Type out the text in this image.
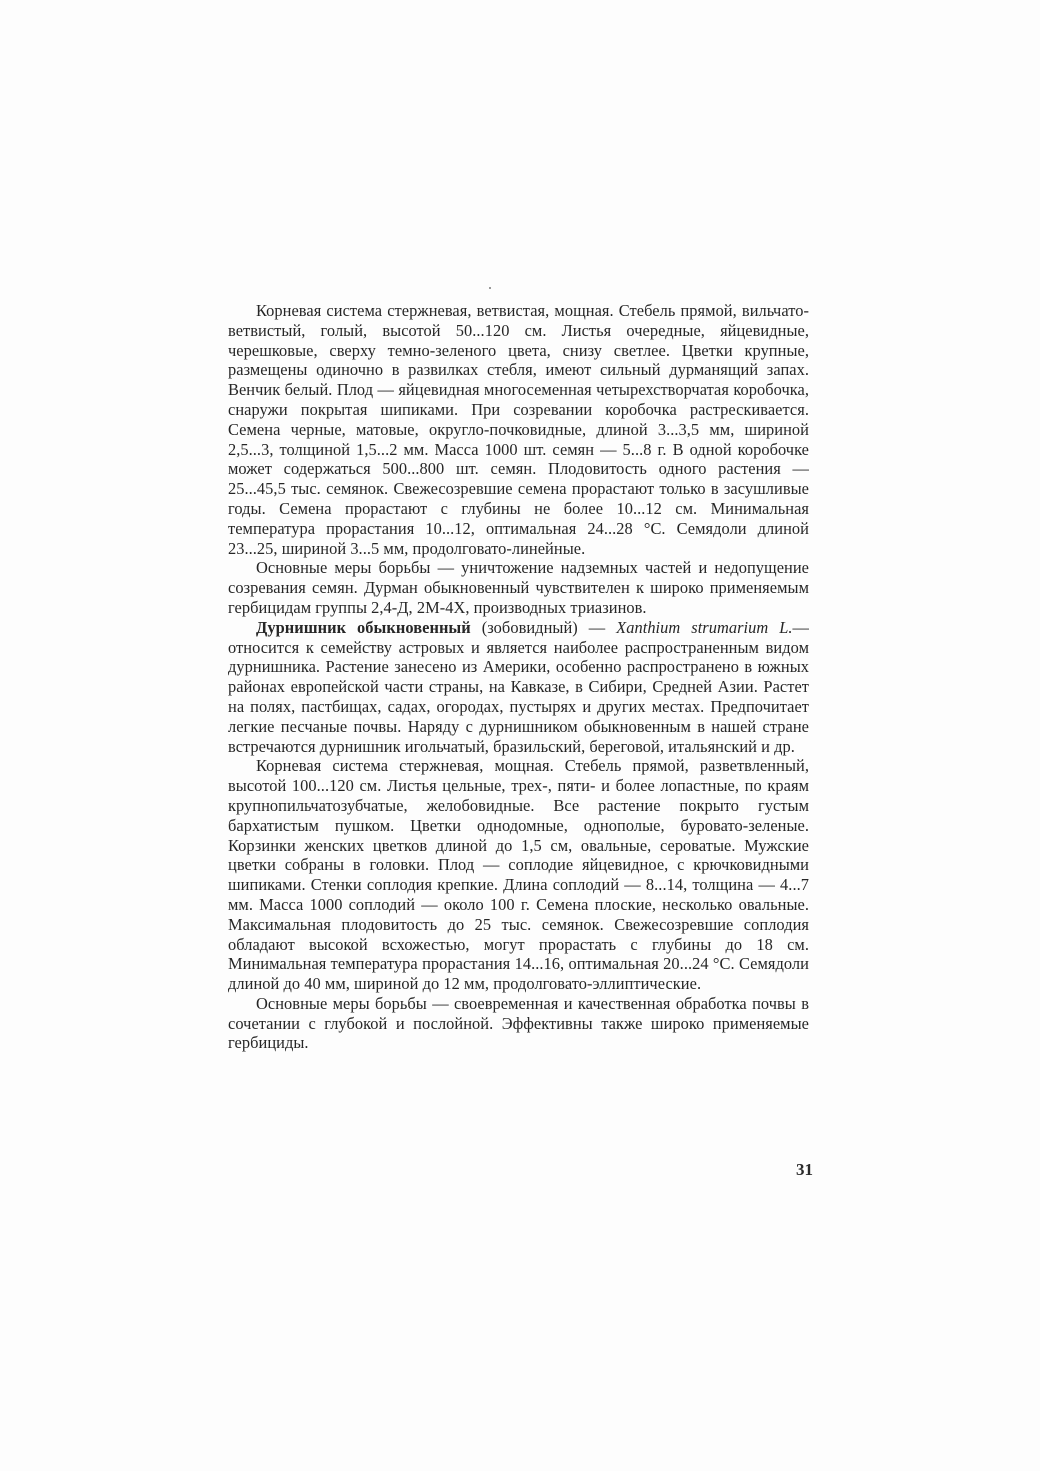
Корневая система стержневая, ветвистая, мощная. Стебель прямой, вильчато-ветвистый, голый, высотой 50...120 см. Листья очередные, яйцевидные, черешковые, сверху темно-зеленого цвета, снизу светлее. Цветки крупные, размещены одиночно в развилках стебля, имеют сильный дурманящий запах. Венчик белый. Плод — яйцевидная многосеменная четырехстворчатая коробочка, снаружи покрытая шипиками. При созревании коробочка растрескивается. Семена черные, матовые, округло-почковидные, длиной 3...3,5 мм, шириной 2,5...3, толщиной 1,5...2 мм. Масса 1000 шт. семян — 5...8 г. В одной коробочке может содержаться 500...800 шт. семян. Плодовитость одного растения — 25...45,5 тыс. семянок. Свежесозревшие семена прорастают только в засушливые годы. Семена прорастают с глубины не более 10...12 см. Минимальная температура прорастания 10...12, оптимальная 24...28 °С. Семядоли длиной 23...25, шириной 3...5 мм, продолговато-линейные.

Основные меры борьбы — уничтожение надземных частей и недопущение созревания семян. Дурман обыкновенный чувствителен к широко применяемым гербицидам группы 2,4-Д, 2М-4Х, производных триазинов.

Дурнишник обыкновенный (зобовидный) — Xanthium strumarium L.— относится к семейству астровых и является наиболее распространенным видом дурнишника. Растение занесено из Америки, особенно распространено в южных районах европейской части страны, на Кавказе, в Сибири, Средней Азии. Растет на полях, пастбищах, садах, огородах, пустырях и других местах. Предпочитает легкие песчаные почвы. Наряду с дурнишником обыкновенным в нашей стране встречаются дурнишник игольчатый, бразильский, береговой, итальянский и др.

Корневая система стержневая, мощная. Стебель прямой, разветвленный, высотой 100...120 см. Листья цельные, трех-, пяти- и более лопастные, по краям крупнопильчатозубчатые, желобовидные. Все растение покрыто густым бархатистым пушком. Цветки однодомные, однополые, буровато-зеленые. Корзинки женских цветков длиной до 1,5 см, овальные, сероватые. Мужские цветки собраны в головки. Плод — соплодие яйцевидное, с крючковидными шипиками. Стенки соплодия крепкие. Длина соплодий — 8...14, толщина — 4...7 мм. Масса 1000 соплодий — около 100 г. Семена плоские, несколько овальные. Максимальная плодовитость до 25 тыс. семянок. Свежесозревшие соплодия обладают высокой всхожестью, могут прорастать с глубины до 18 см. Минимальная температура прорастания 14...16, оптимальная 20...24 °С. Семядоли длиной до 40 мм, шириной до 12 мм, продолговато-эллиптические.

Основные меры борьбы — своевременная и качественная обработка почвы в сочетании с глубокой и послойной. Эффективны также широко применяемые гербициды.

31
